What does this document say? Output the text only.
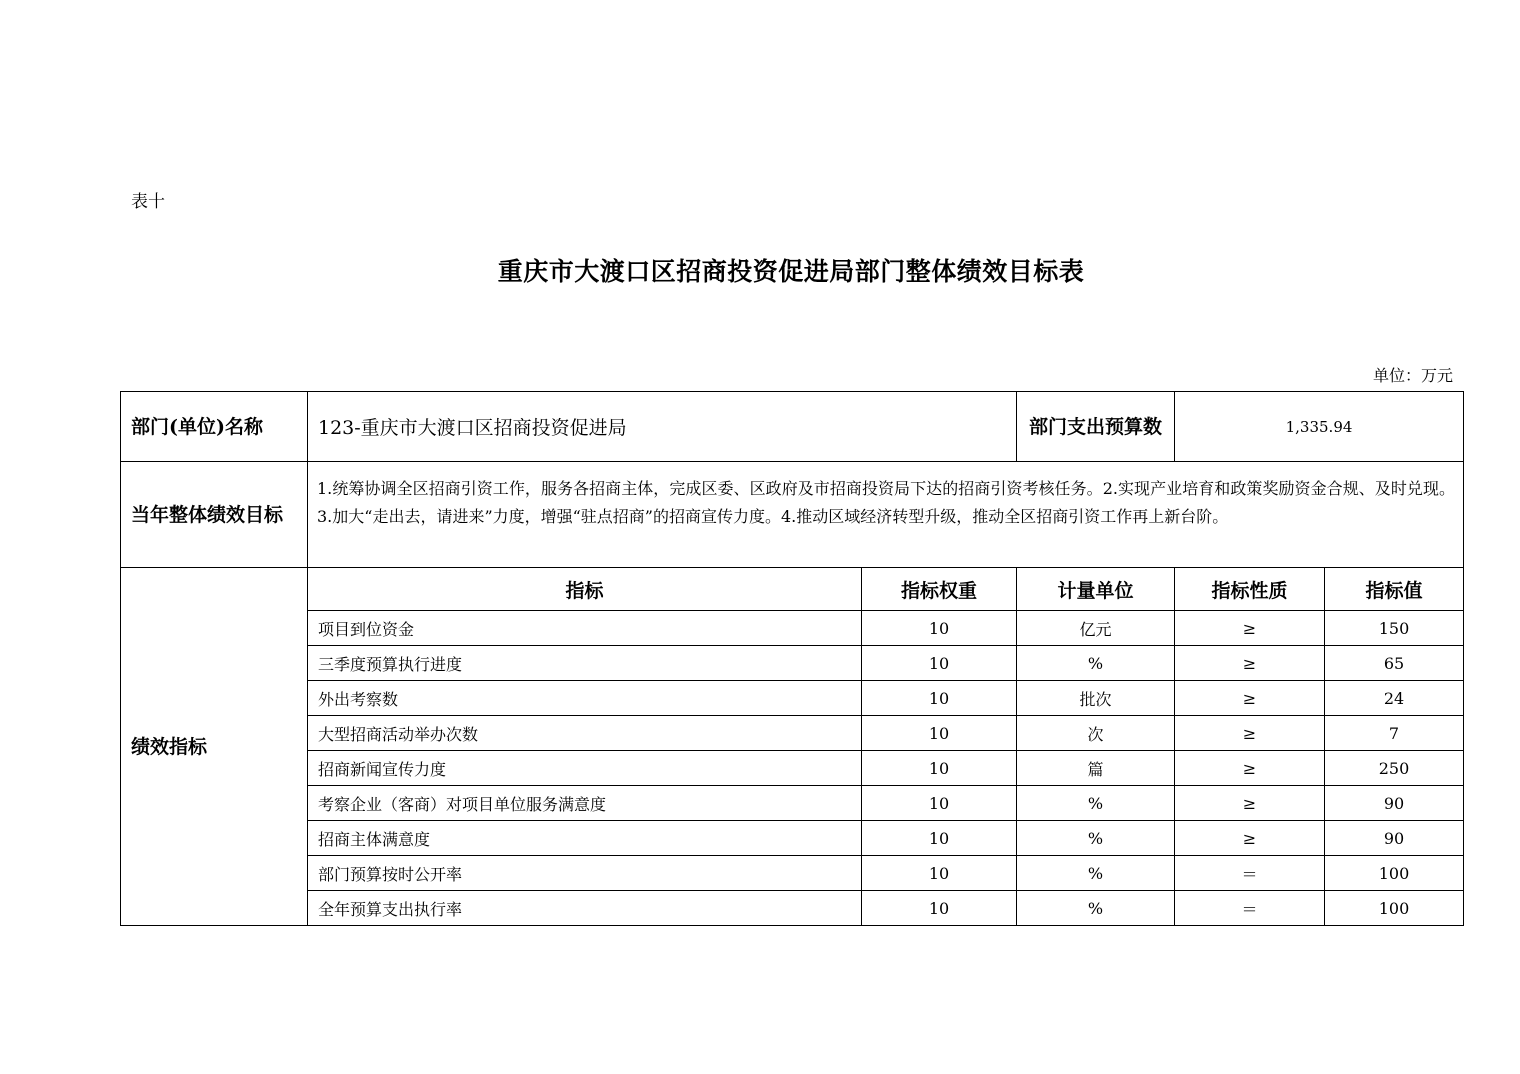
表十
重庆市大渡口区招商投资促进局部门整体绩效目标表
单位：万元
部门(单位)名称	123-重庆市大渡口区招商投资促进局		部门支出预算数	1,335.94	
当年整体绩效目标	1.统筹协调全区招商引资工作，服务各招商主体，完成区委、区政府及市招商投资局下达的招商引资考核任务。2.实现产业培育和政策奖励资金合规、及时兑现。3.加大“走出去，请进来”力度，增强“驻点招商”的招商宣传力度。4.推动区域经济转型升级，推动全区招商引资工作再上新台阶。				
绩效指标	指标	指标权重	计量单位	指标性质	指标值
	项目到位资金	10	亿元	≥	150
	三季度预算执行进度	10	%	≥	65
	外出考察数	10	批次	≥	24
	大型招商活动举办次数	10	次	≥	7
	招商新闻宣传力度	10	篇	≥	250
	考察企业（客商）对项目单位服务满意度	10	%	≥	90
	招商主体满意度	10	%	≥	90
	部门预算按时公开率	10	%	＝	100
	全年预算支出执行率	10	%	＝	100
